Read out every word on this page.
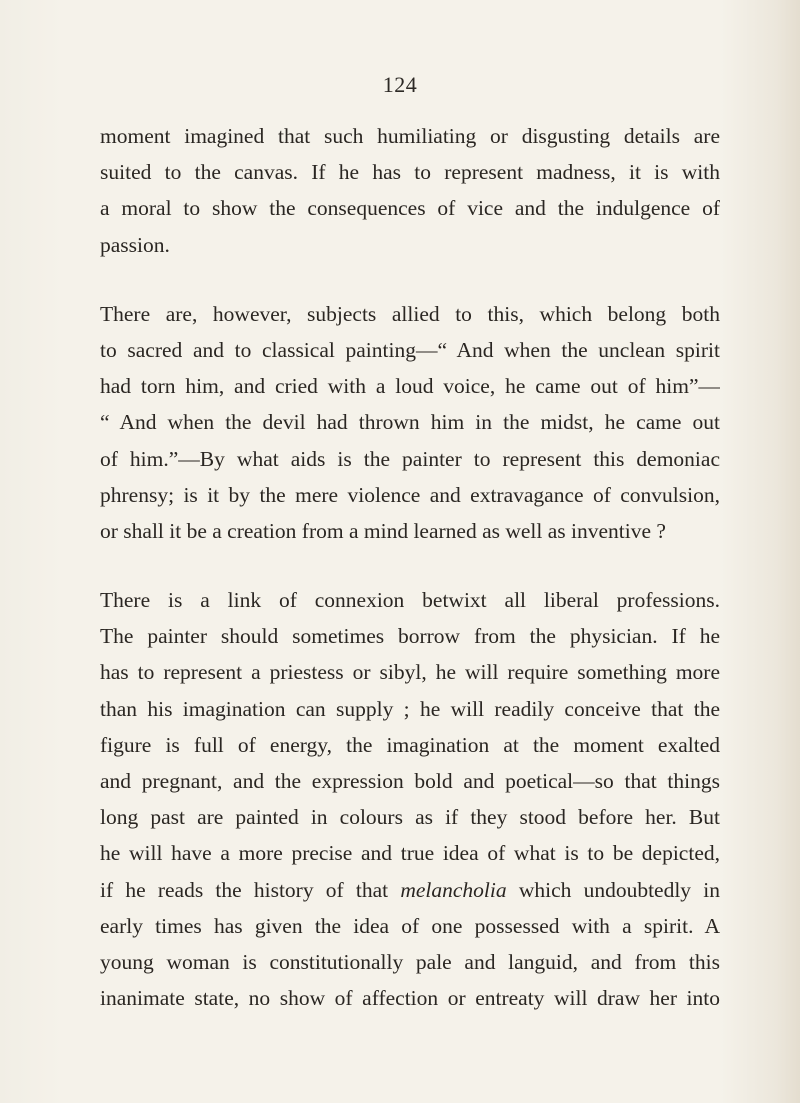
124

moment imagined that such humiliating or disgusting details are
suited to the canvas. If he has to represent madness, it is with
a moral to show the consequences of vice and the indulgence of
passion.

There are, however, subjects allied to this, which belong both
to sacred and to classical painting—“ And when the unclean spirit
had torn him, and cried with a loud voice, he came out of him”—
“ And when the devil had thrown him in the midst, he came out
of him.”—By what aids is the painter to represent this demoniac
phrensy; is it by the mere violence and extravagance of convulsion,
or shall it be a creation from a mind learned as well as inventive ?

There is a link of connexion betwixt all liberal professions.
The painter should sometimes borrow from the physician. If he
has to represent a priestess or sibyl, he will require something more
than his imagination can supply ; he will readily conceive that the
figure is full of energy, the imagination at the moment exalted
and pregnant, and the expression bold and poetical—so that things
long past are painted in colours as if they stood before her. But
he will have a more precise and true idea of what is to be depicted,
if he reads the history of that melancholia which undoubtedly in
early times has given the idea of one possessed with a spirit. A
young woman is constitutionally pale and languid, and from this
inanimate state, no show of affection or entreaty will draw her into
